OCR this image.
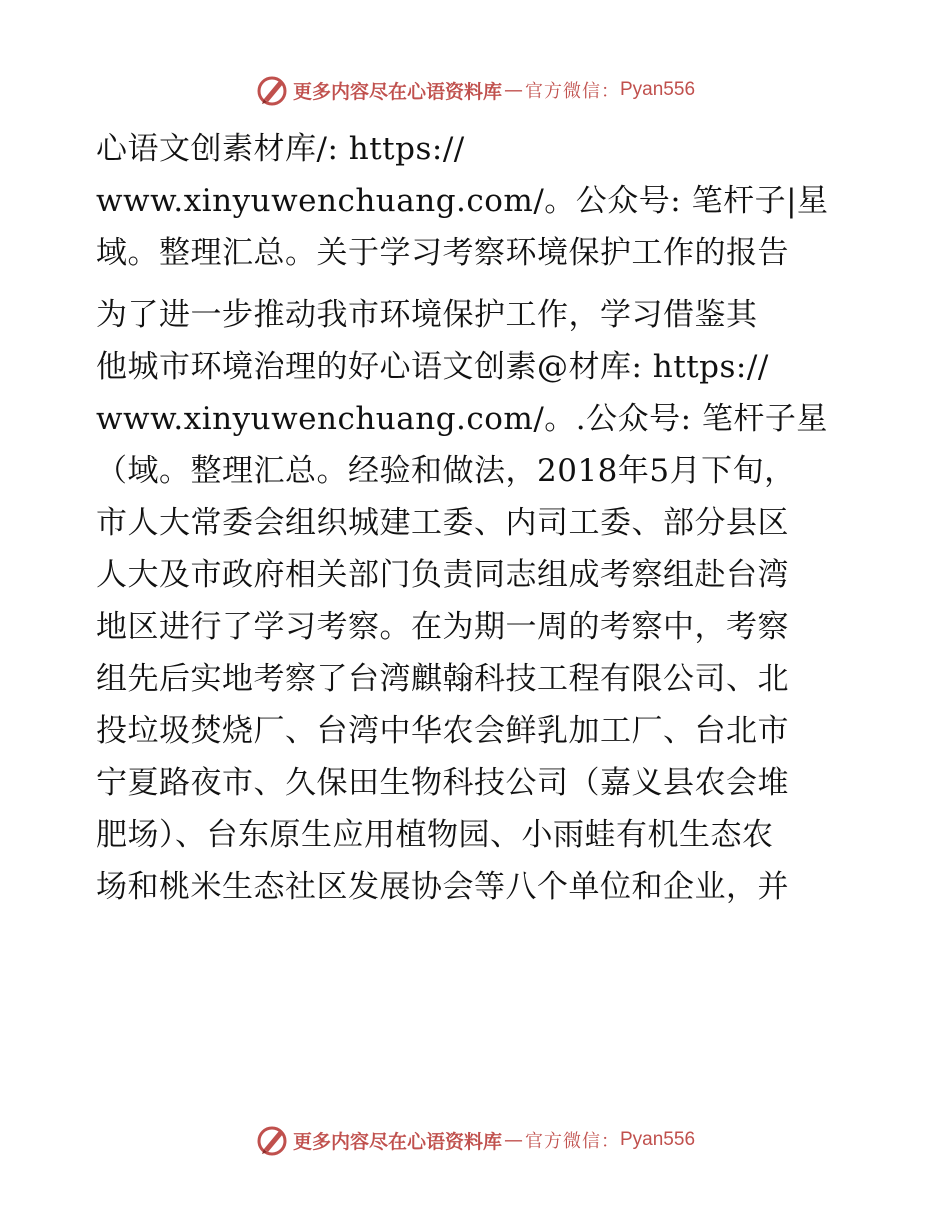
更多内容尽在心语资料库 — 官方微信： Pyan556
心语文创素材库/: https://
www.xinyuwenchuang.com/。公众号: 笔杆子|星
域。整理汇总。关于学习考察环境保护工作的报告
为了进一步推动我市环境保护工作，学习借鉴其
他城市环境治理的好心语文创素@材库: https://
www.xinyuwenchuang.com/。.公众号: 笔杆子星
（域。整理汇总。经验和做法，2018年5月下旬，
市人大常委会组织城建工委、内司工委、部分县区
人大及市政府相关部门负责同志组成考察组赴台湾
地区进行了学习考察。在为期一周的考察中，考察
组先后实地考察了台湾麒翰科技工程有限公司、北
投垃圾焚烧厂、台湾中华农会鲜乳加工厂、台北市
宁夏路夜市、久保田生物科技公司（嘉义县农会堆
肥场）、台东原生应用植物园、小雨蛙有机生态农
场和桃米生态社区发展协会等八个单位和企业，并
更多内容尽在心语资料库 — 官方微信： Pyan556
